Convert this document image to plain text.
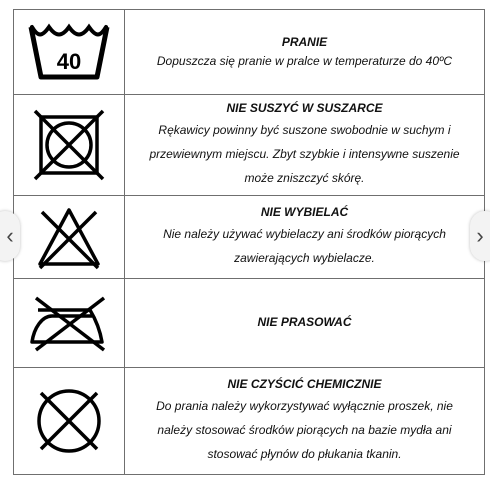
40
PRANIE
Dopuszcza się pranie w pralce w temperaturze do 40ºC
NIE SUSZYĆ W SUSZARCE
Rękawicy powinny być suszone swobodnie w suchym i
przewiewnym miejscu. Zbyt szybkie i intensywne suszenie
może zniszczyć skórę.
NIE WYBIELAĆ
Nie należy używać wybielaczy ani środków piorących
zawierających wybielacze.
NIE PRASOWAĆ
NIE CZYŚCIĆ CHEMICZNIE
Do prania należy wykorzystywać wyłącznie proszek, nie
należy stosować środków piorących na bazie mydła ani
stosować płynów do płukania tkanin.
‹	›
